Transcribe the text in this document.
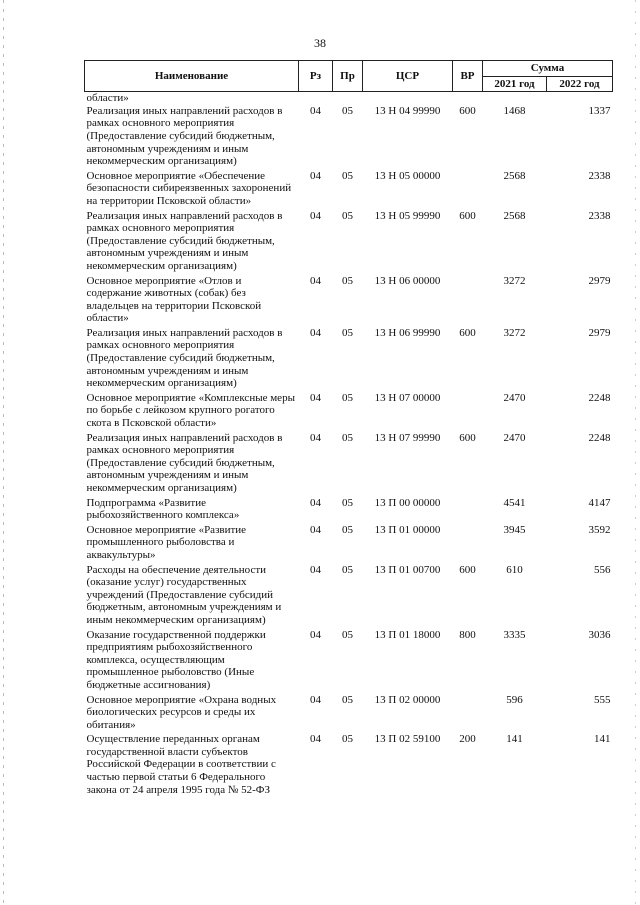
38
Наименование	Рз	Пр	ЦСР	ВР	Сумма	
					2021 год	2022 год
области»						
Реализация иных направлений расходов в рамках основного мероприятия (Предоставление субсидий бюджетным, автономным учреждениям и иным некоммерческим организациям)	04	05	13 Н 04 99990	600	1468	1337
Основное мероприятие «Обеспечение безопасности сибиреязвенных захоронений на территории Псковской области»	04	05	13 Н 05 00000		2568	2338
Реализация иных направлений расходов в рамках основного мероприятия (Предоставление субсидий бюджетным, автономным учреждениям и иным некоммерческим организациям)	04	05	13 Н 05 99990	600	2568	2338
Основное мероприятие «Отлов и содержание животных (собак) без владельцев на территории Псковской области»	04	05	13 Н 06 00000		3272	2979
Реализация иных направлений расходов в рамках основного мероприятия (Предоставление субсидий бюджетным, автономным учреждениям и иным некоммерческим организациям)	04	05	13 Н 06 99990	600	3272	2979
Основное мероприятие «Комплексные меры по борьбе с лейкозом крупного рогатого скота в Псковской области»	04	05	13 Н 07 00000		2470	2248
Реализация иных направлений расходов в рамках основного мероприятия (Предоставление субсидий бюджетным, автономным учреждениям и иным некоммерческим организациям)	04	05	13 Н 07 99990	600	2470	2248
Подпрограмма «Развитие рыбохозяйственного комплекса»	04	05	13 П 00 00000		4541	4147
Основное мероприятие «Развитие промышленного рыболовства и аквакультуры»	04	05	13 П 01 00000		3945	3592
Расходы на обеспечение деятельности (оказание услуг) государственных учреждений (Предоставление субсидий бюджетным, автономным учреждениям и иным некоммерческим организациям)	04	05	13 П 01 00700	600	610	556
Оказание государственной поддержки предприятиям рыбохозяйственного комплекса, осуществляющим промышленное рыболовство (Иные бюджетные ассигнования)	04	05	13 П 01 18000	800	3335	3036
Основное мероприятие «Охрана водных биологических ресурсов и среды их обитания»	04	05	13 П 02 00000		596	555
Осуществление переданных органам государственной власти субъектов Российской Федерации в соответствии с частью первой статьи 6 Федерального закона от 24 апреля 1995 года № 52-ФЗ	04	05	13 П 02 59100	200	141	141
